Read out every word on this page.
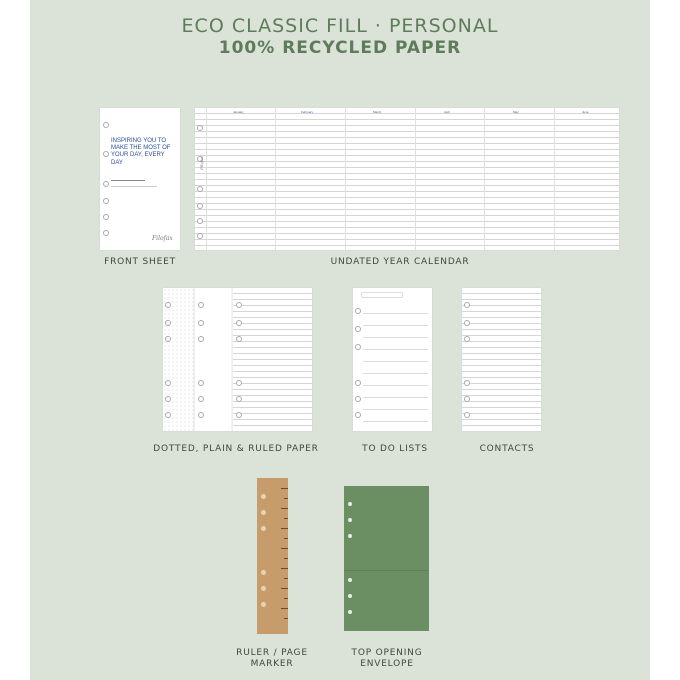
ECO CLASSIC FILL · PERSONAL
100% RECYCLED PAPER
INSPIRING YOU TO MAKE THE MOST OF YOUR DAY, EVERY DAY
Filofax
FRONT SHEET
January	February	March	April	May	June
Filofax
UNDATED YEAR CALENDAR
DOTTED, PLAIN & RULED PAPER	TO DO LISTS	CONTACTS
RULER / PAGE
MARKER
TOP OPENING
ENVELOPE
